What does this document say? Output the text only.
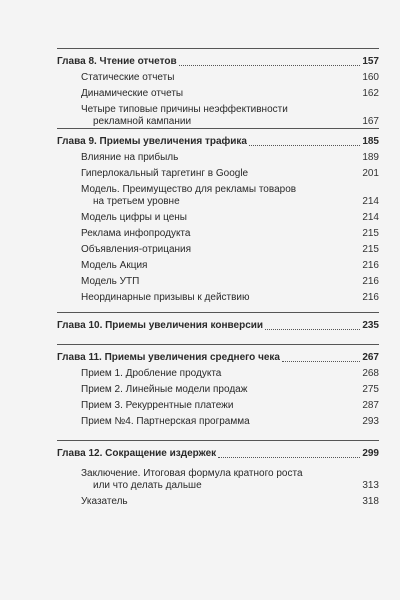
Глава 8. Чтение отчетов	157
Статические отчеты	160
Динамические отчеты	162
Четыре типовые причины неэффективности
рекламной кампании	167
Глава 9. Приемы увеличения трафика	185
Влияние на прибыль	189
Гиперлокальный таргетинг в Google	201
Модель. Преимущество для рекламы товаров
на третьем уровне	214
Модель цифры и цены	214
Реклама инфопродукта	215
Объявления-отрицания	215
Модель Акция	216
Модель УТП	216
Неординарные призывы к действию	216
Глава 10. Приемы увеличения конверсии	235
Глава 11. Приемы увеличения среднего чека	267
Прием 1. Дробление продукта	268
Прием 2. Линейные модели продаж	275
Прием 3. Рекуррентные платежи	287
Прием №4. Партнерская программа	293
Глава 12. Сокращение издержек	299
Заключение. Итоговая формула кратного роста
или что делать дальше	313
Указатель	318
